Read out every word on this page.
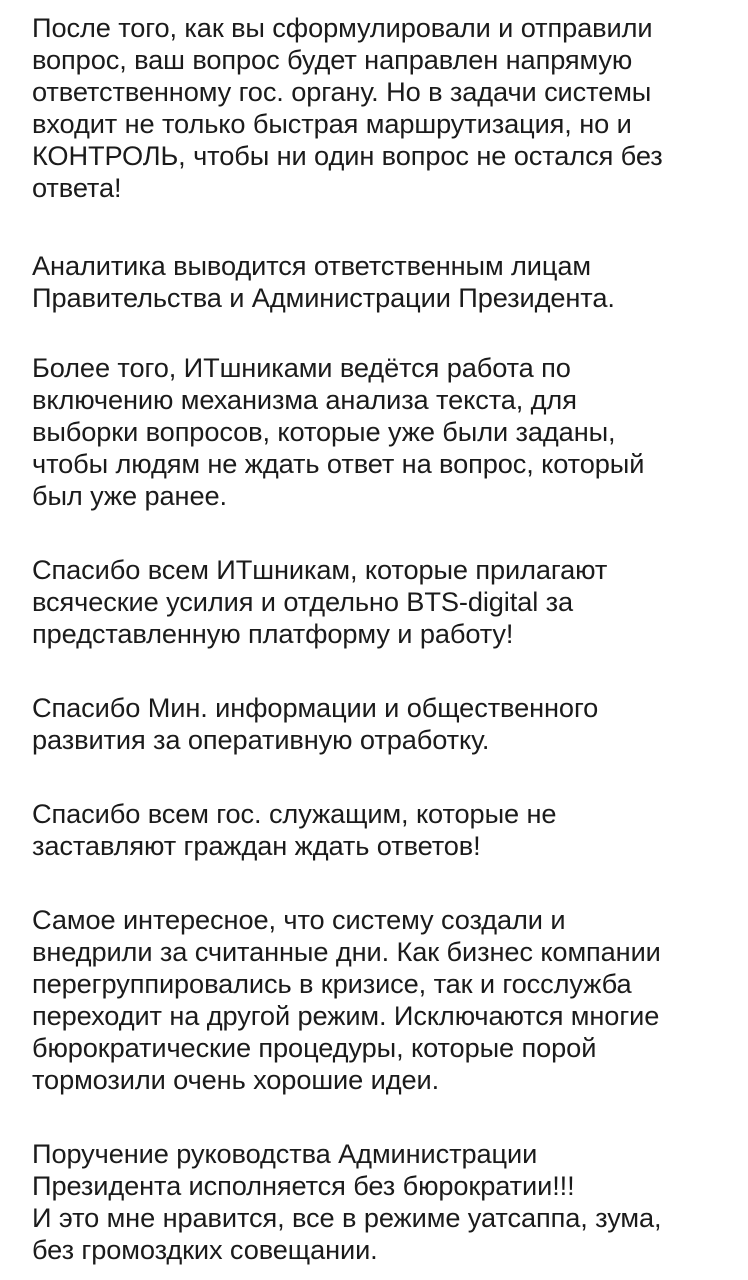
После того, как вы сформулировали и отправили
вопрос, ваш вопрос будет направлен напрямую
ответственному гос. органу. Но в задачи системы
входит не только быстрая маршрутизация, но и
КОНТРОЛЬ, чтобы ни один вопрос не остался без
ответа!

Аналитика выводится ответственным лицам
Правительства и Администрации Президента.

Более того, ИТшниками ведётся работа по
включению механизма анализа текста, для
выборки вопросов, которые уже были заданы,
чтобы людям не ждать ответ на вопрос, который
был уже ранее.

Спасибо всем ИТшникам, которые прилагают
всяческие усилия и отдельно BTS-digital за
представленную платформу и работу!

Спасибо Мин. информации и общественного
развития за оперативную отработку.

Спасибо всем гос. служащим, которые не
заставляют граждан ждать ответов!

Самое интересное, что систему создали и
внедрили за считанные дни. Как бизнес компании
перегруппировались в кризисе, так и госслужба
переходит на другой режим. Исключаются многие
бюрократические процедуры, которые порой
тормозили очень хорошие идеи.

Поручение руководства Администрации
Президента исполняется без бюрократии!!!
И это мне нравится, все в режиме уатсаппа, зума,
без громоздких совещании.
